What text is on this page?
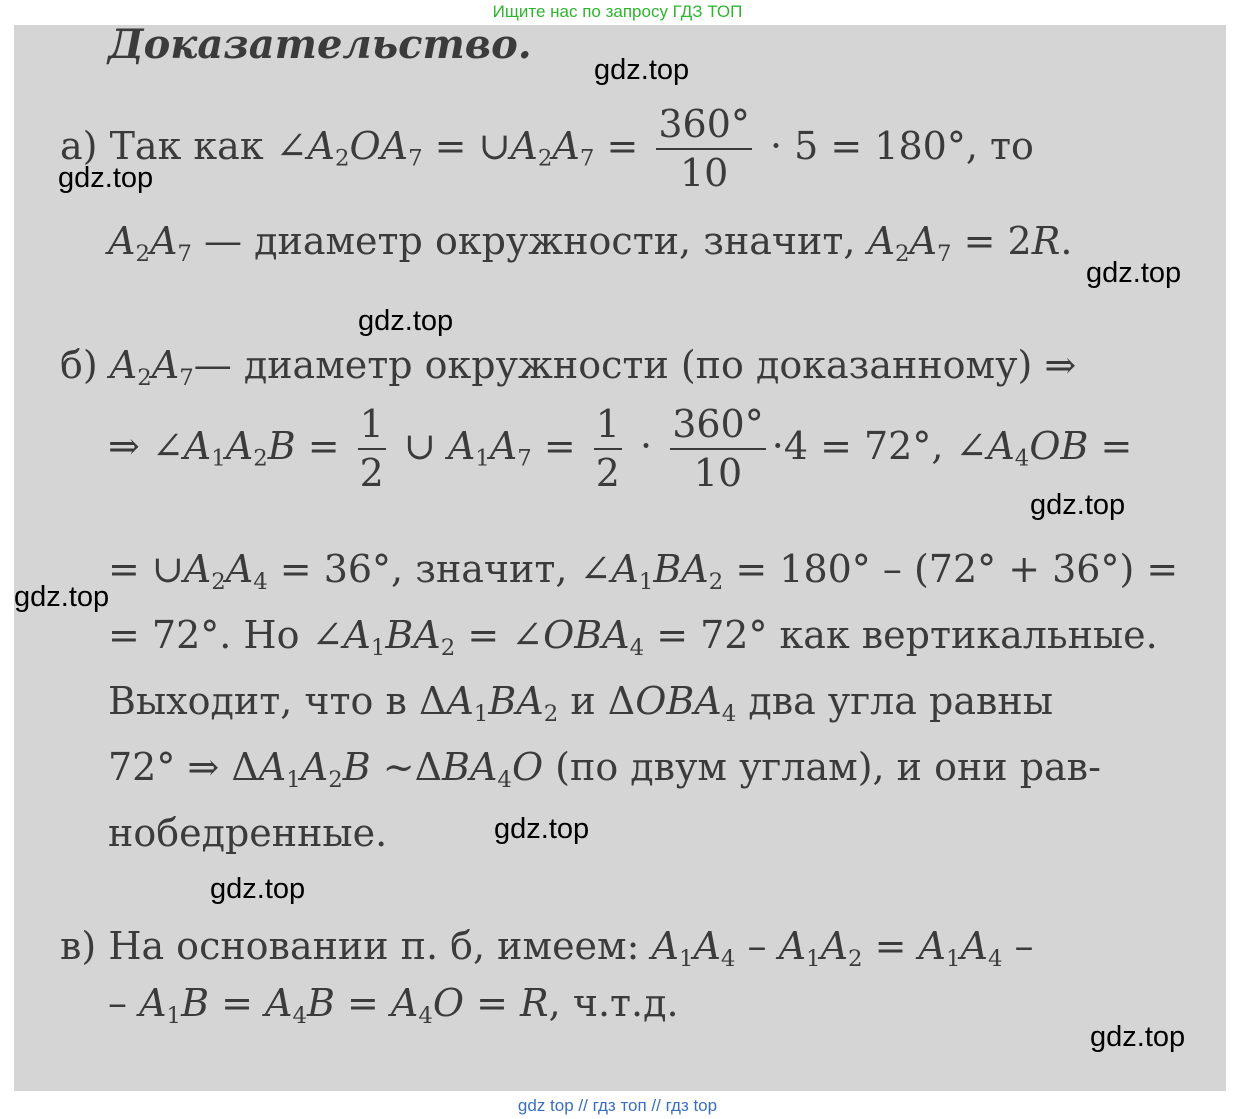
Ищите нас по запросу ГДЗ ТОП
Доказательство.
а) Так как $\angle A_2OA_7$ = $\cup A_2A_7 = \frac{360^\circ}{10} \cdot 5 = 180^\circ$, то
$A_2A_7$ — диаметр окружности, значит, $A_2A_7 = 2R$.
б) $A_2A_7—$ диаметр окружности (по доказанному) ⇒
⇒ $\angle A_1A_2B = \frac{1}{2}$ ∪ $A_1A_7 = \frac{1}{2} \cdot \frac{360^\circ}{10} \cdot 4 = 72^\circ$, $\angle A_4OB$ =
= $\cup A_2A_4 = 36^\circ$, значит, $\angle A_1BA_2 = 180^\circ - (72^\circ + 36^\circ)$ =
= 72°. Но $\angle A_1BA_2$ = $\angle OBA_4 = 72^\circ$ как вертикальные.
Выходит, что в $\Delta A_1BA_2$ и $\Delta OBA_4$ два угла равны
72° ⇒ $\Delta A_1A_2B$ $\sim\Delta BA_4O$ (по двум углам), и они рав-
нобедренные.
в) На основании п. б, имеем: $A_1A_4 - A_1A_2 = A_1A_4$ –
– $A_1B = A_4B = A_4O = R$, ч.т.д.
gdz.top
gdz.top
gdz.top
gdz.top
gdz.top
gdz.top
gdz.top
gdz.top
gdz.top
gdz top // гдз топ // гдз top
